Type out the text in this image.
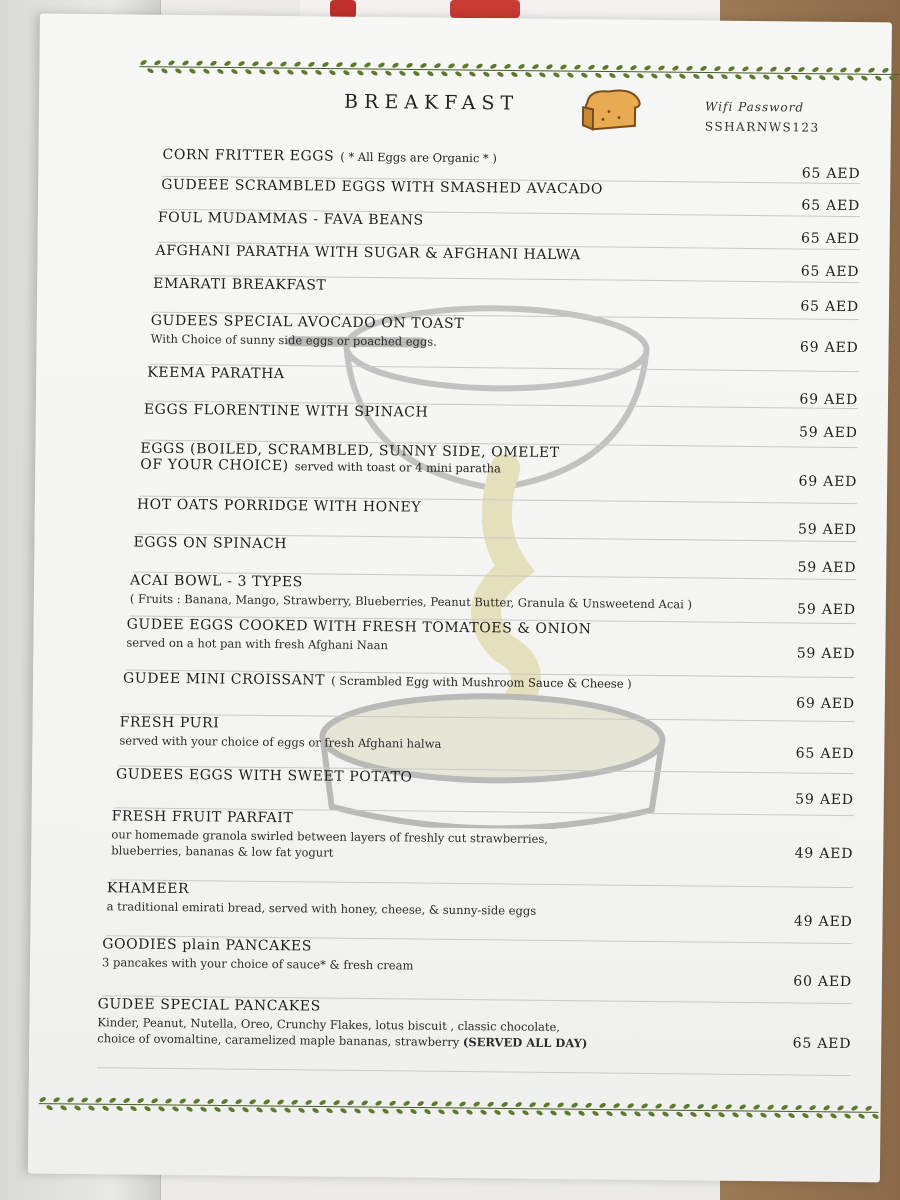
BREAKFAST	Wifi Password
SSHARNWS123
CORN FRITTER EGGS ( * All Eggs are Organic * )
65 AED
GUDEEE SCRAMBLED EGGS WITH SMASHED AVACADO
65 AED
FOUL MUDAMMAS - FAVA BEANS
65 AED
AFGHANI PARATHA WITH SUGAR & AFGHANI HALWA
65 AED
EMARATI BREAKFAST
65 AED
GUDEES SPECIAL AVOCADO ON TOAST
With Choice of sunny side eggs or poached eggs.	69 AED
KEEMA PARATHA
69 AED
EGGS FLORENTINE WITH SPINACH
59 AED
EGGS (BOILED, SCRAMBLED, SUNNY SIDE, OMELET
OF YOUR CHOICE) served with toast or 4 mini paratha
69 AED
HOT OATS PORRIDGE WITH HONEY
59 AED
EGGS ON SPINACH
59 AED
ACAI BOWL - 3 TYPES
( Fruits : Banana, Mango, Strawberry, Blueberries, Peanut Butter, Granula & Unsweetend Acai )	59 AED
GUDEE EGGS COOKED WITH FRESH TOMATOES & ONION
served on a hot pan with fresh Afghani Naan
59 AED
GUDEE MINI CROISSANT ( Scrambled Egg with Mushroom Sauce & Cheese )
69 AED
FRESH PURI
served with your choice of eggs or fresh Afghani halwa
65 AED
GUDEES EGGS WITH SWEET POTATO
59 AED
FRESH FRUIT PARFAIT
our homemade granola swirled between layers of freshly cut strawberries,
blueberries, bananas & low fat yogurt	49 AED
KHAMEER
a traditional emirati bread, served with honey, cheese, & sunny-side eggs
49 AED
GOODIES plain PANCAKES
3 pancakes with your choice of sauce* & fresh cream
60 AED
GUDEE SPECIAL PANCAKES
Kinder, Peanut, Nutella, Oreo, Crunchy Flakes, lotus biscuit , classic chocolate,
choice of ovomaltine, caramelized maple bananas, strawberry (SERVED ALL DAY)	65 AED
